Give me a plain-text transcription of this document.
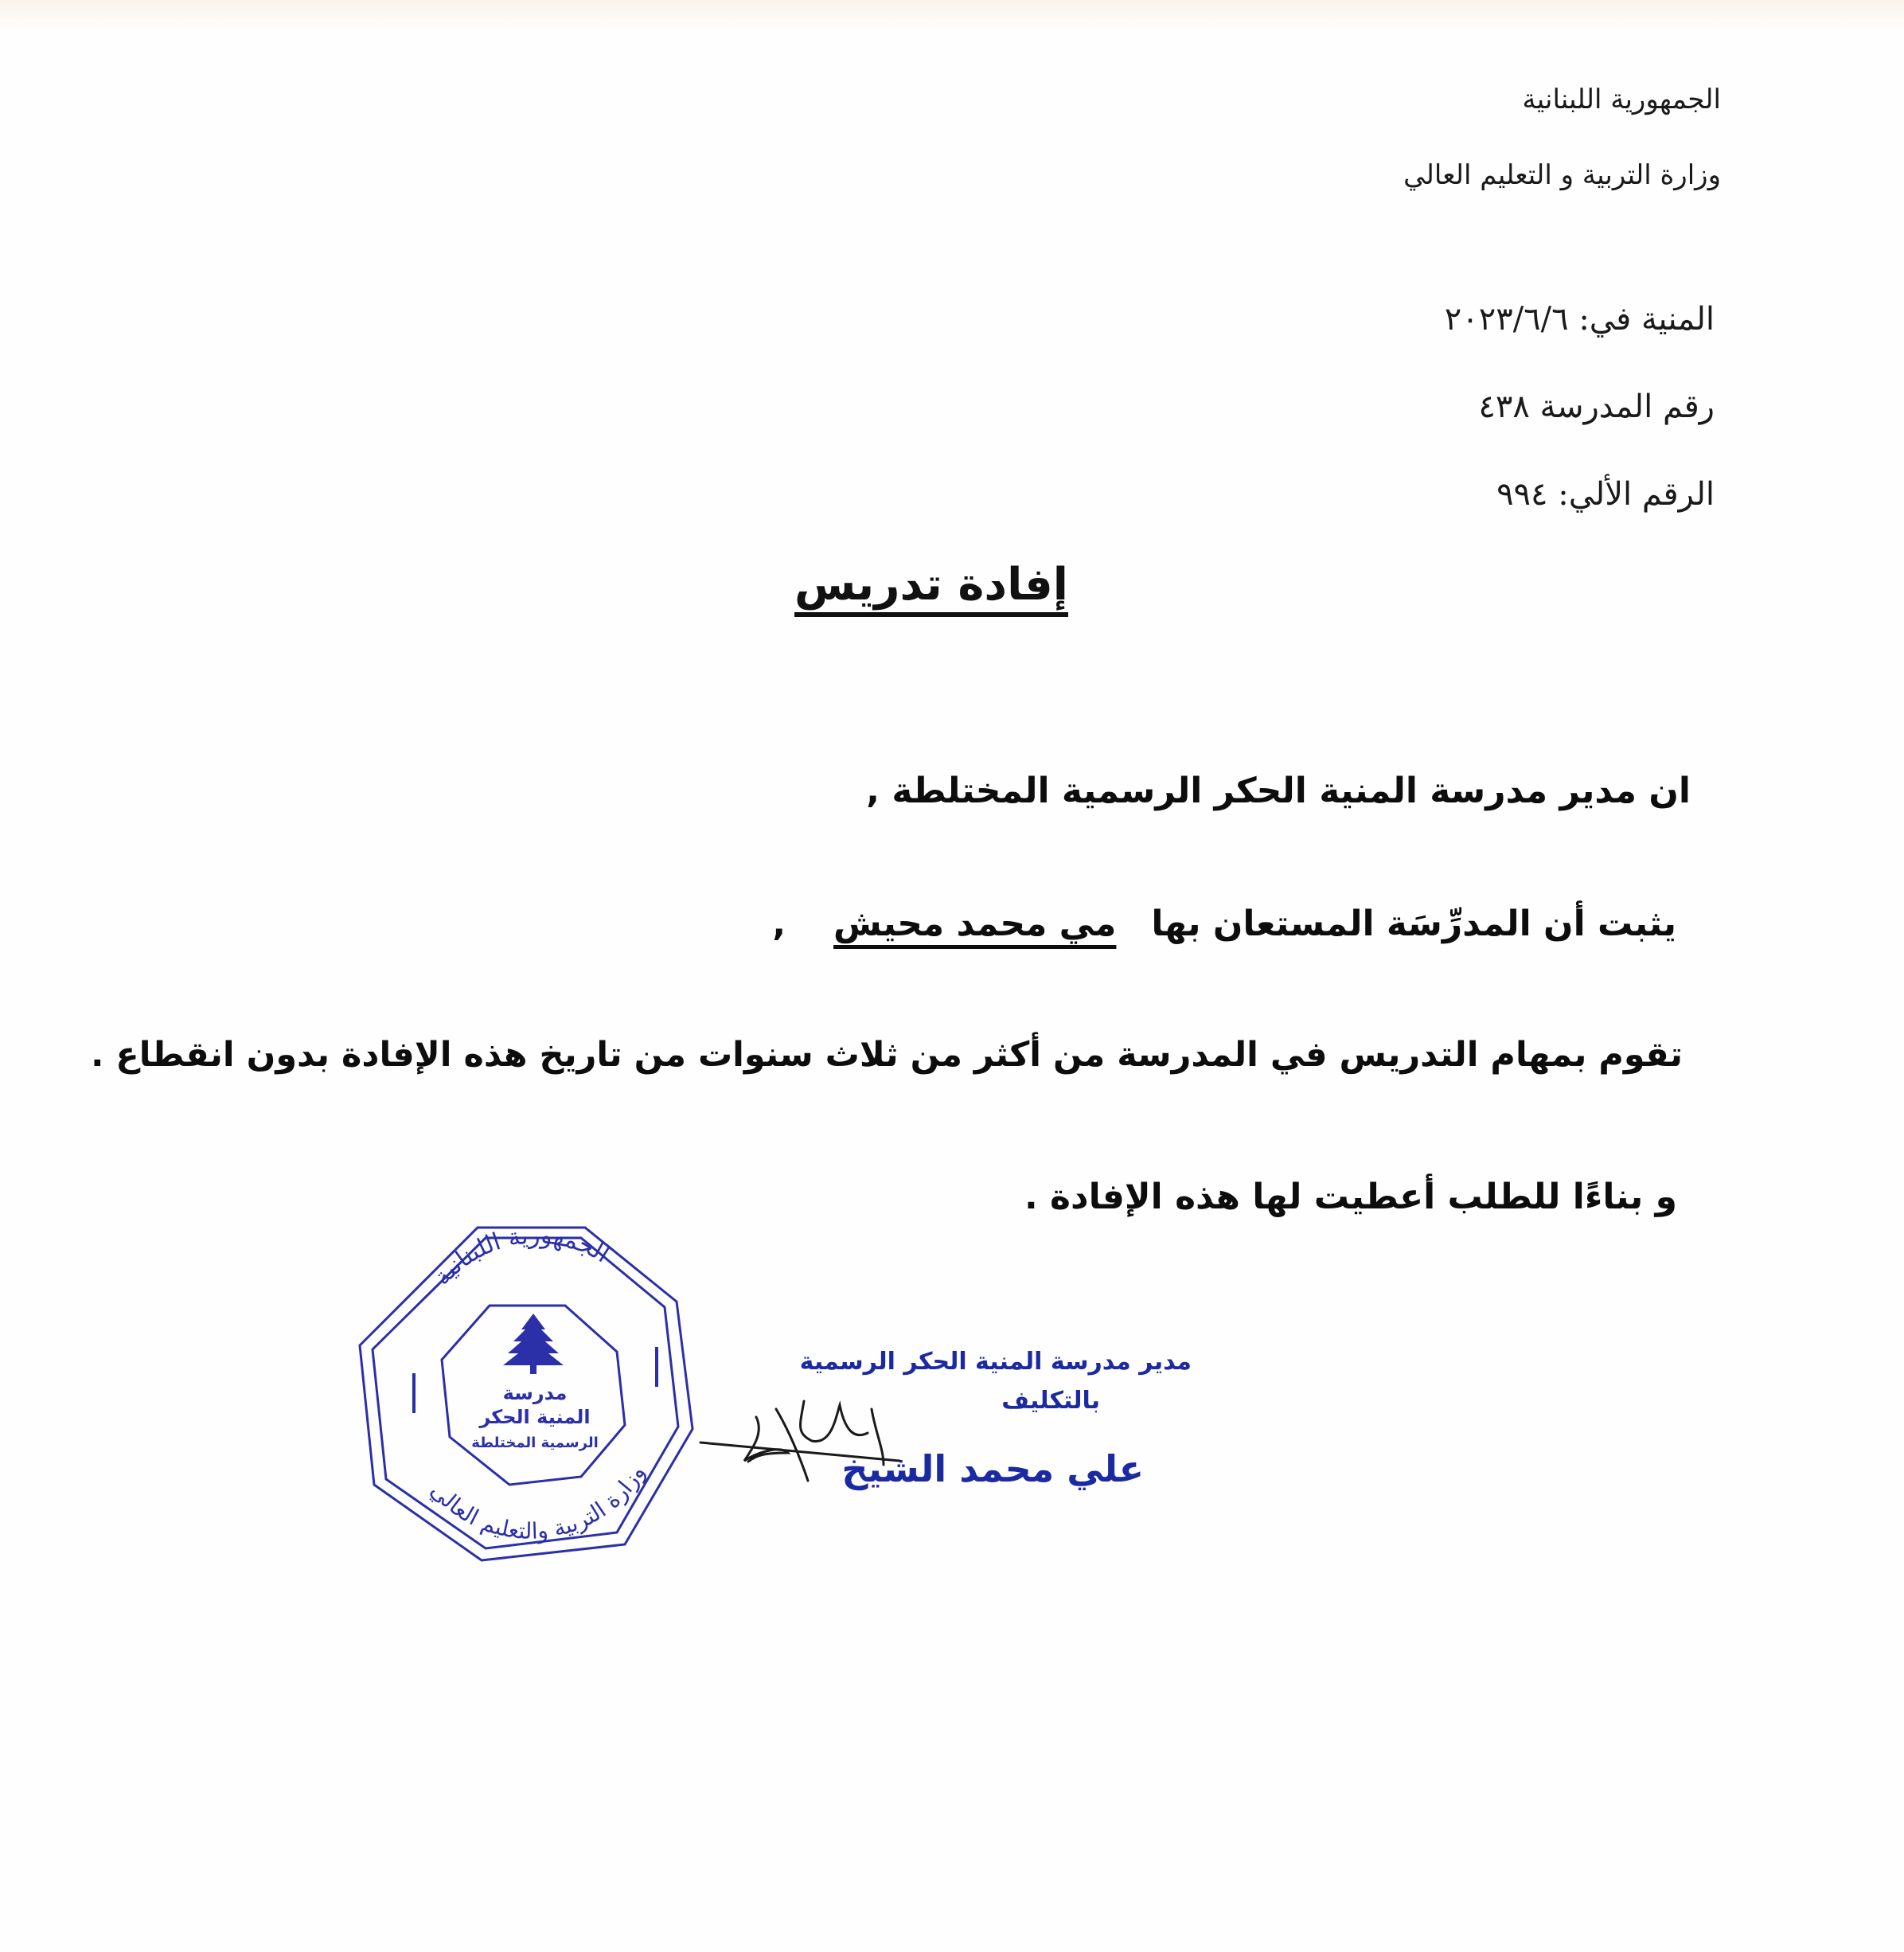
الجمهورية اللبنانية
وزارة التربية و التعليم العالي
المنية في: ٢٠٢٣/٦/٦
رقم المدرسة ٤٣٨
الرقم الألي: ٩٩٤
إفادة تدريس
ان مدير مدرسة المنية الحكر الرسمية المختلطة ,
يثبت أن المدرِّسَة المستعان بهامي محمد محيش,
تقوم بمهام التدريس في المدرسة من أكثر من ثلاث سنوات من تاريخ هذه الإفادة بدون انقطاع .
و بناءًا للطلب أعطيت لها هذه الإفادة .
مدرسة
المنية الحكر
الرسمية المختلطة
الجمهورية اللبنانية
وزارة التربية والتعليم العالي
مدير مدرسة المنية الحكر الرسمية
بالتكليف
علي محمد الشيخ
